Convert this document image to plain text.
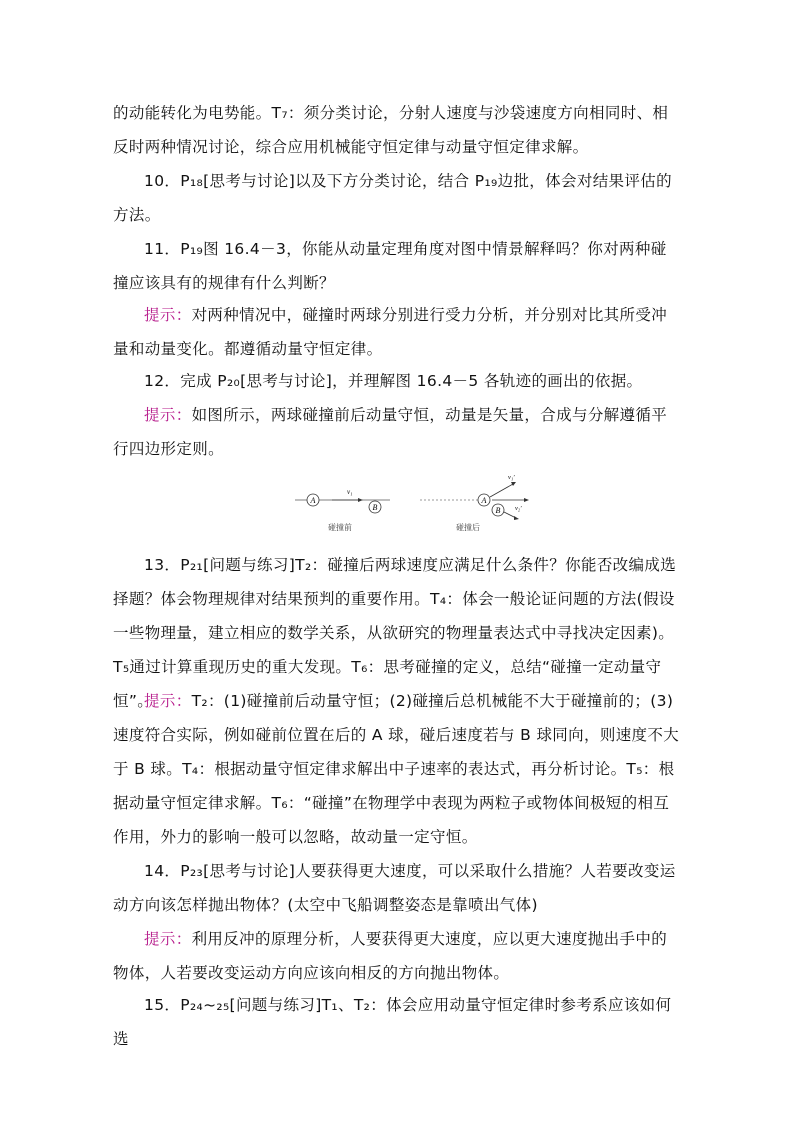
的动能转化为电势能。T₇：须分类讨论，分射人速度与沙袋速度方向相同时、相反时两种情况讨论，综合应用机械能守恒定律与动量守恒定律求解。

10．P₁₈[思考与讨论]以及下方分类讨论，结合 P₁₉边批，体会对结果评估的方法。

11．P₁₉图 16.4－3，你能从动量定理角度对图中情景解释吗？你对两种碰撞应该具有的规律有什么判断？

提示：对两种情况中，碰撞时两球分别进行受力分析，并分别对比其所受冲量和动量变化。都遵循动量守恒定律。

12．完成 P₂₀[思考与讨论]，并理解图 16.4－5 各轨迹的画出的依据。

提示：如图所示，两球碰撞前后动量守恒，动量是矢量，合成与分解遵循平行四边形定则。

A
v₁
B
碰撞前
A
v₁′
B v₂′
碰撞后

13．P₂₁[问题与练习]T₂：碰撞后两球速度应满足什么条件？你能否改编成选择题？体会物理规律对结果预判的重要作用。T₄：体会一般论证问题的方法(假设一些物理量，建立相应的数学关系，从欲研究的物理量表达式中寻找决定因素)。T₅通过计算重现历史的重大发现。T₆：思考碰撞的定义，总结“碰撞一定动量守恒”。

提示：T₂：(1)碰撞前后动量守恒；(2)碰撞后总机械能不大于碰撞前的；(3)速度符合实际，例如碰前位置在后的 A 球，碰后速度若与 B 球同向，则速度不大于 B 球。T₄：根据动量守恒定律求解出中子速率的表达式，再分析讨论。T₅：根据动量守恒定律求解。T₆：“碰撞”在物理学中表现为两粒子或物体间极短的相互作用，外力的影响一般可以忽略，故动量一定守恒。

14．P₂₃[思考与讨论]人要获得更大速度，可以采取什么措施？人若要改变运动方向该怎样抛出物体？(太空中飞船调整姿态是靠喷出气体)

提示：利用反冲的原理分析，人要获得更大速度，应以更大速度抛出手中的物体，人若要改变运动方向应该向相反的方向抛出物体。

15．P₂₄~₂₅[问题与练习]T₁、T₂：体会应用动量守恒定律时参考系应该如何选
